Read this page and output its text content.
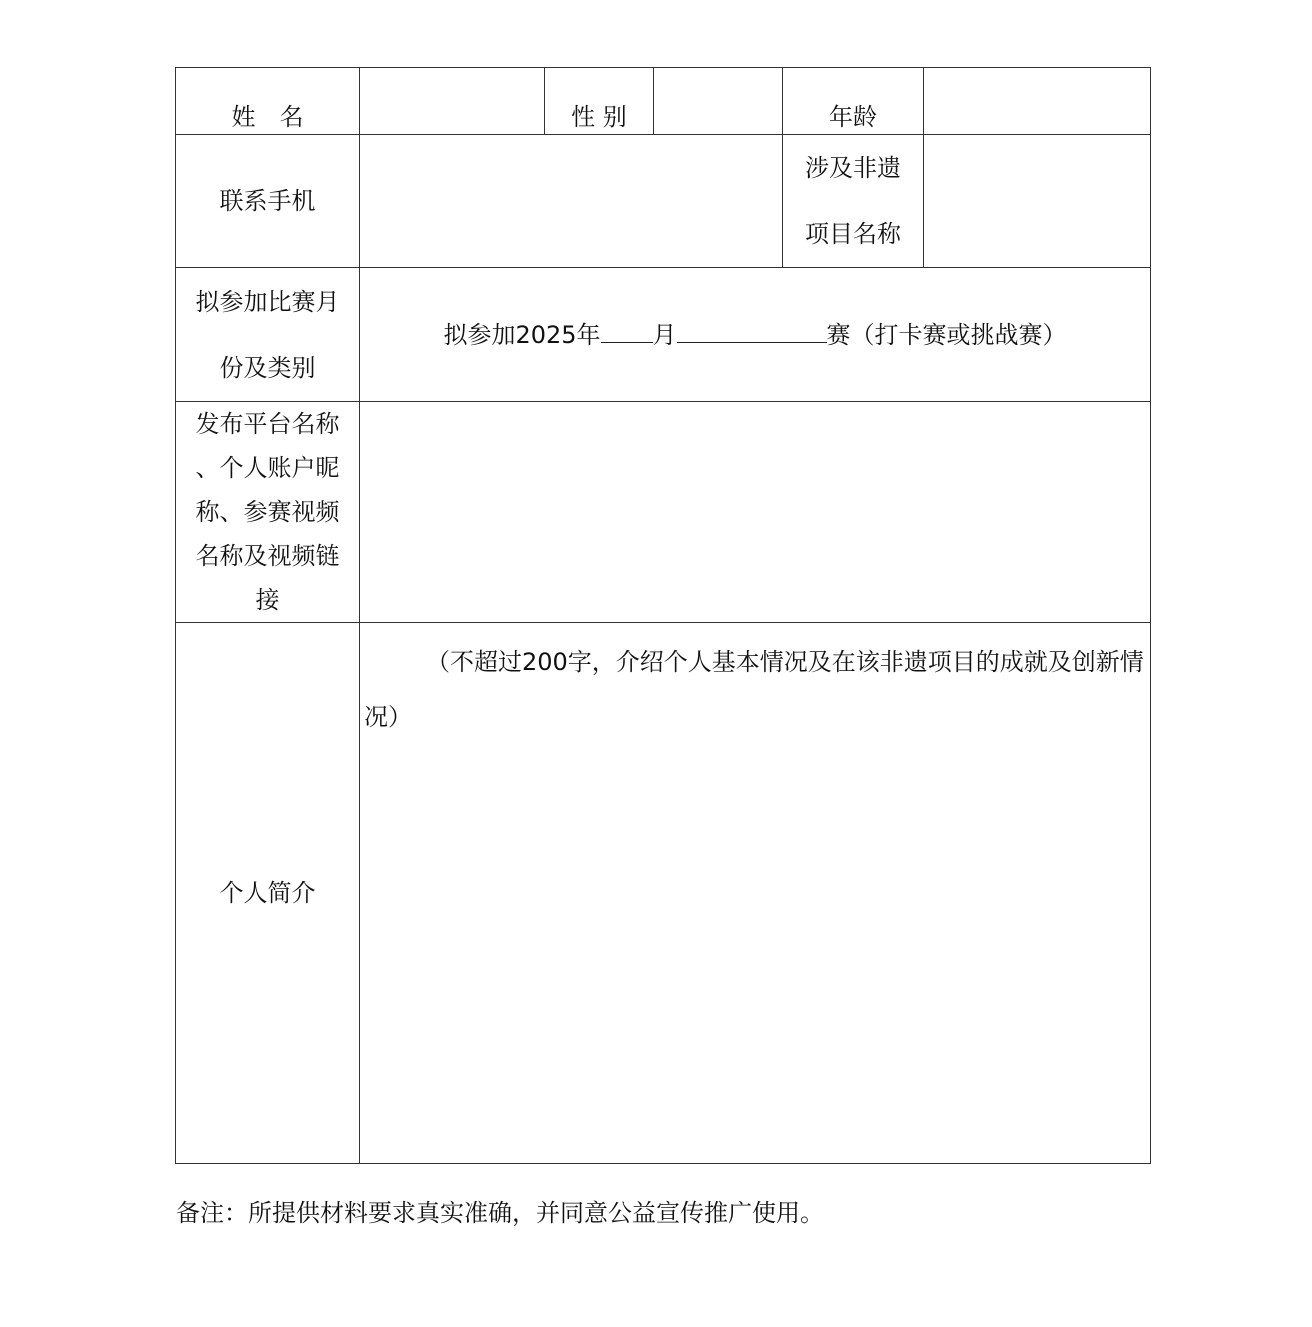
姓　名		性 别		年龄	
联系手机				涉及非遗
项目名称	
拟参加比赛月
份及类别	拟参加2025年 月 赛（打卡赛或挑战赛）				
发布平台名称
、个人账户昵
称、参赛视频
名称及视频链
接					
个人简介	（不超过200字，介绍个人基本情况及在该非遗项目的成就及创新情况）				
备注：所提供材料要求真实准确，并同意公益宣传推广使用。
